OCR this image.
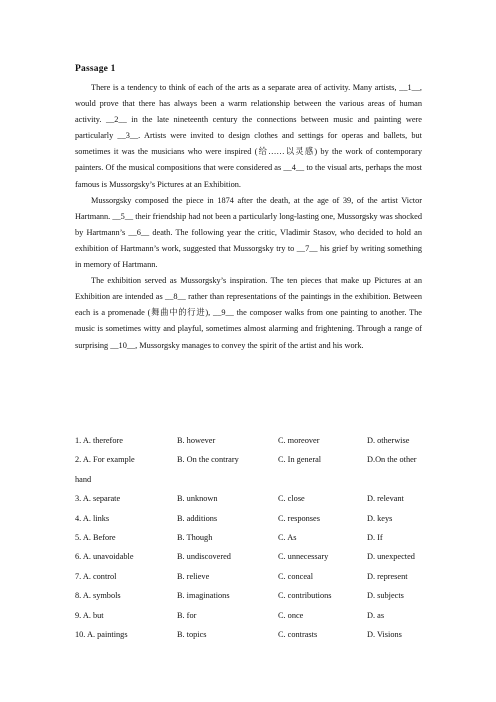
Passage 1

There is a tendency to think of each of the arts as a separate area of activity. Many artists, __1__, would prove that there has always been a warm relationship between the various areas of human activity. __2__ in the late nineteenth century the connections between music and painting were particularly __3__. Artists were invited to design clothes and settings for operas and ballets, but sometimes it was the musicians who were inspired (给……以灵感) by the work of contemporary painters. Of the musical compositions that were considered as __4__ to the visual arts, perhaps the most famous is Mussorgsky’s Pictures at an Exhibition.

Mussorgsky composed the piece in 1874 after the death, at the age of 39, of the artist Victor Hartmann. __5__ their friendship had not been a particularly long-lasting one, Mussorgsky was shocked by Hartmann’s __6__ death. The following year the critic, Vladimir Stasov, who decided to hold an exhibition of Hartmann’s work, suggested that Mussorgsky try to __7__ his grief by writing something in memory of Hartmann.

The exhibition served as Mussorgsky’s inspiration. The ten pieces that make up Pictures at an Exhibition are intended as __8__ rather than representations of the paintings in the exhibition. Between each is a promenade (舞曲中的行进), __9__ the composer walks from one painting to another. The music is sometimes witty and playful, sometimes almost alarming and frightening. Through a range of surprising __10__, Mussorgsky manages to convey the spirit of the artist and his work.

1. A. therefore	B. however	C. moreover	D. otherwise
2. A. For example	B. On the contrary	C. In general	D.On the other
hand
3. A. separate	B. unknown	C. close	D. relevant
4. A. links	B. additions	C. responses	D. keys
5. A. Before	B. Though	C. As	D. If
6. A. unavoidable	B. undiscovered	C. unnecessary	D. unexpected
7. A. control	B. relieve	C. conceal	D. represent
8. A. symbols	B. imaginations	C. contributions	D. subjects
9. A. but	B. for	C. once	D. as
10. A. paintings	B. topics	C. contrasts	D. Visions
